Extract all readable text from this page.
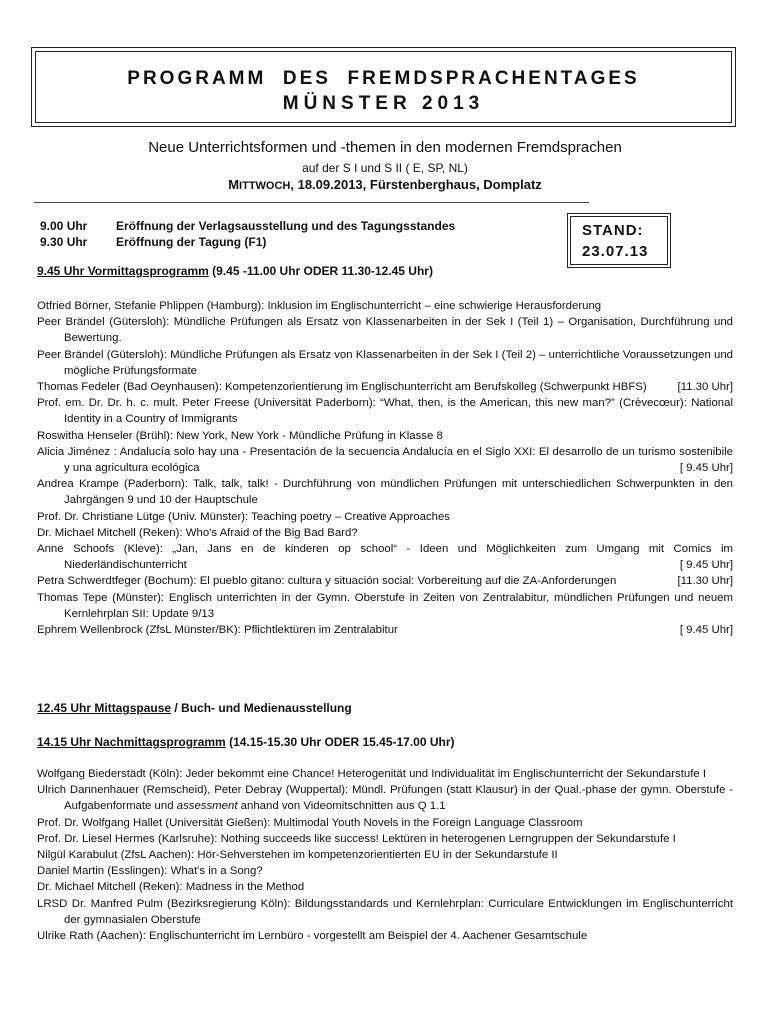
PROGRAMM  DES  FREMDSPRACHENTAGES
MÜNSTER 2013
Neue Unterrichtsformen und -themen in den modernen Fremdsprachen
auf der S I und S II ( E, SP, NL)
MITTWOCH, 18.09.2013, Fürstenberghaus, Domplatz
9.00 Uhr Eröffnung der Verlagsausstellung und des Tagungsstandes
9.30 Uhr Eröffnung der Tagung (F1)
STAND:
23.07.13
9.45 Uhr Vormittagsprogramm (9.45 -11.00 Uhr ODER 11.30-12.45 Uhr)
Otfried Börner, Stefanie Phlippen (Hamburg): Inklusion im Englischunterricht – eine schwierige Herausforderung
Peer Brändel (Gütersloh): Mündliche Prüfungen als Ersatz von Klassenarbeiten in der Sek I (Teil 1) – Organisation, Durchführung und Bewertung.
Peer Brändel (Gütersloh): Mündliche Prüfungen als Ersatz von Klassenarbeiten in der Sek I (Teil 2) – unterrichtliche Voraussetzungen und mögliche Prüfungsformate
Thomas Fedeler (Bad Oeynhausen): Kompetenzorientierung im Englischunterricht am Berufskolleg (Schwerpunkt HBFS)	[11.30 Uhr]
Prof. em. Dr. Dr. h. c. mult. Peter Freese (Universität Paderborn): “What, then, is the American, this new man?” (Crèvecœur): National Identity in a Country of Immigrants
Roswitha Henseler (Brühl): New York, New York - Mündliche Prüfung in Klasse 8
Alicia Jiménez : Andalucía solo hay una - Presentación de la secuencia Andalucía en el Siglo XXI: El desarrollo de un turismo sostenibile y una agricultura ecológica	[ 9.45 Uhr]
Andrea Krampe (Paderborn): Talk, talk, talk! - Durchführung von mündlichen Prüfungen mit unterschiedlichen Schwerpunkten in den Jahrgängen 9 und 10 der Hauptschule
Prof. Dr. Christiane Lütge (Univ. Münster): Teaching poetry – Creative Approaches
Dr. Michael Mitchell (Reken): Who's Afraid of the Big Bad Bard?
Anne Schoofs (Kleve): „Jan, Jans en de kinderen op school“ - Ideen und Möglichkeiten zum Umgang mit Comics im Niederländischunterricht	[ 9.45 Uhr]
Petra Schwerdtfeger (Bochum): El pueblo gitano: cultura y situación social: Vorbereitung auf die ZA-Anforderungen	[11.30 Uhr]
Thomas Tepe (Münster): Englisch unterrichten in der Gymn. Oberstufe in Zeiten von Zentralabitur, mündlichen Prüfungen und neuem Kernlehrplan SII: Update 9/13
Ephrem Wellenbrock (ZfsL Münster/BK): Pflichtlektüren im Zentralabitur	[ 9.45 Uhr]
12.45 Uhr Mittagspause / Buch- und Medienausstellung
14.15 Uhr Nachmittagsprogramm (14.15-15.30 Uhr ODER 15.45-17.00 Uhr)
Wolfgang Biederstädt (Köln): Jeder bekommt eine Chance! Heterogenität und Individualität im Englischunterricht der Sekundarstufe I
Ulrich Dannenhauer (Remscheid), Peter Debray (Wuppertal): Mündl. Prüfungen (statt Klausur) in der Qual.-phase der gymn. Oberstufe - Aufgabenformate und assessment anhand von Videomitschnitten aus Q 1.1
Prof. Dr. Wolfgang Hallet (Universität Gießen): Multimodal Youth Novels in the Foreign Language Classroom
Prof. Dr. Liesel Hermes (Karlsruhe): Nothing succeeds like success! Lektüren in heterogenen Lerngruppen der Sekundarstufe I
Nilgül Karabulut (ZfsL Aachen): Hör-Sehverstehen im kompetenzorientierten EU in der Sekundarstufe II
Daniel Martin (Esslingen): What's in a Song?
Dr. Michael Mitchell (Reken): Madness in the Method
LRSD Dr. Manfred Pulm (Bezirksregierung Köln): Bildungsstandards und Kernlehrplan: Curriculare Entwicklungen im Englischunterricht der gymnasialen Oberstufe
Ulrike Rath (Aachen): Englischunterricht im Lernbüro - vorgestellt am Beispiel der 4. Aachener Gesamtschule
